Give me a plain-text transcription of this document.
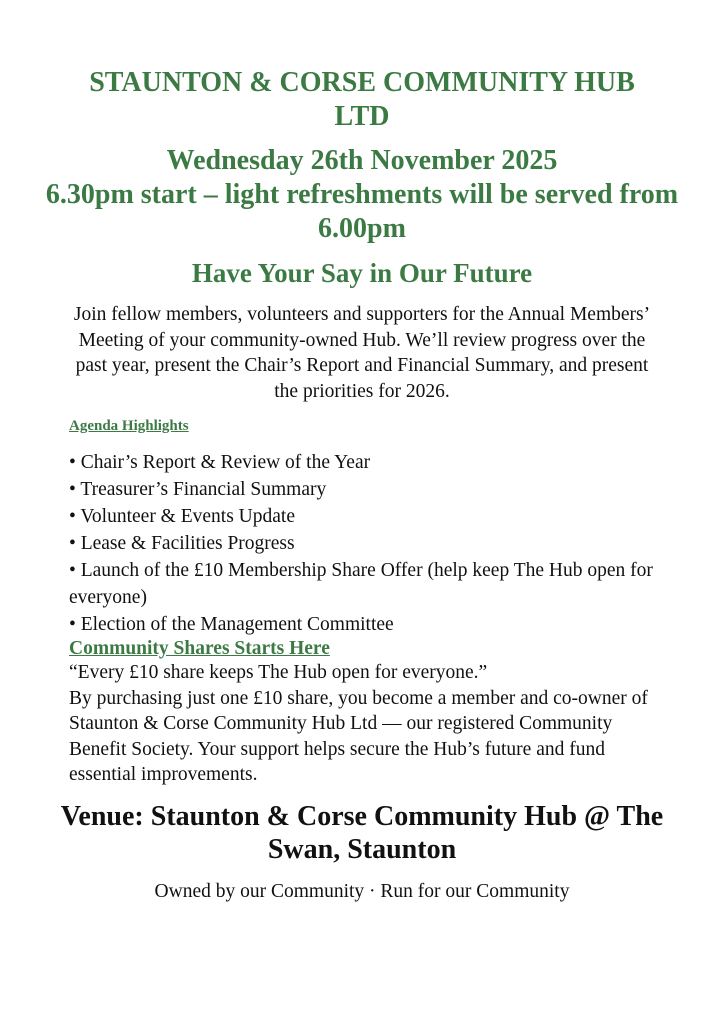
STAUNTON & CORSE COMMUNITY HUB LTD
Wednesday 26th November 2025
6.30pm start – light refreshments will be served from 6.00pm
Have Your Say in Our Future
Join fellow members, volunteers and supporters for the Annual Members’ Meeting of your community-owned Hub. We’ll review progress over the past year, present the Chair’s Report and Financial Summary, and present the priorities for 2026.
Agenda Highlights
• Chair’s Report & Review of the Year
• Treasurer’s Financial Summary
• Volunteer & Events Update
• Lease & Facilities Progress
• Launch of the £10 Membership Share Offer (help keep The Hub open for everyone)
• Election of the Management Committee
Community Shares Starts Here
“Every £10 share keeps The Hub open for everyone.”
By purchasing just one £10 share, you become a member and co-owner of Staunton & Corse Community Hub Ltd — our registered Community Benefit Society. Your support helps secure the Hub’s future and fund essential improvements.
Venue: Staunton & Corse Community Hub @ The Swan, Staunton
Owned by our Community · Run for our Community
